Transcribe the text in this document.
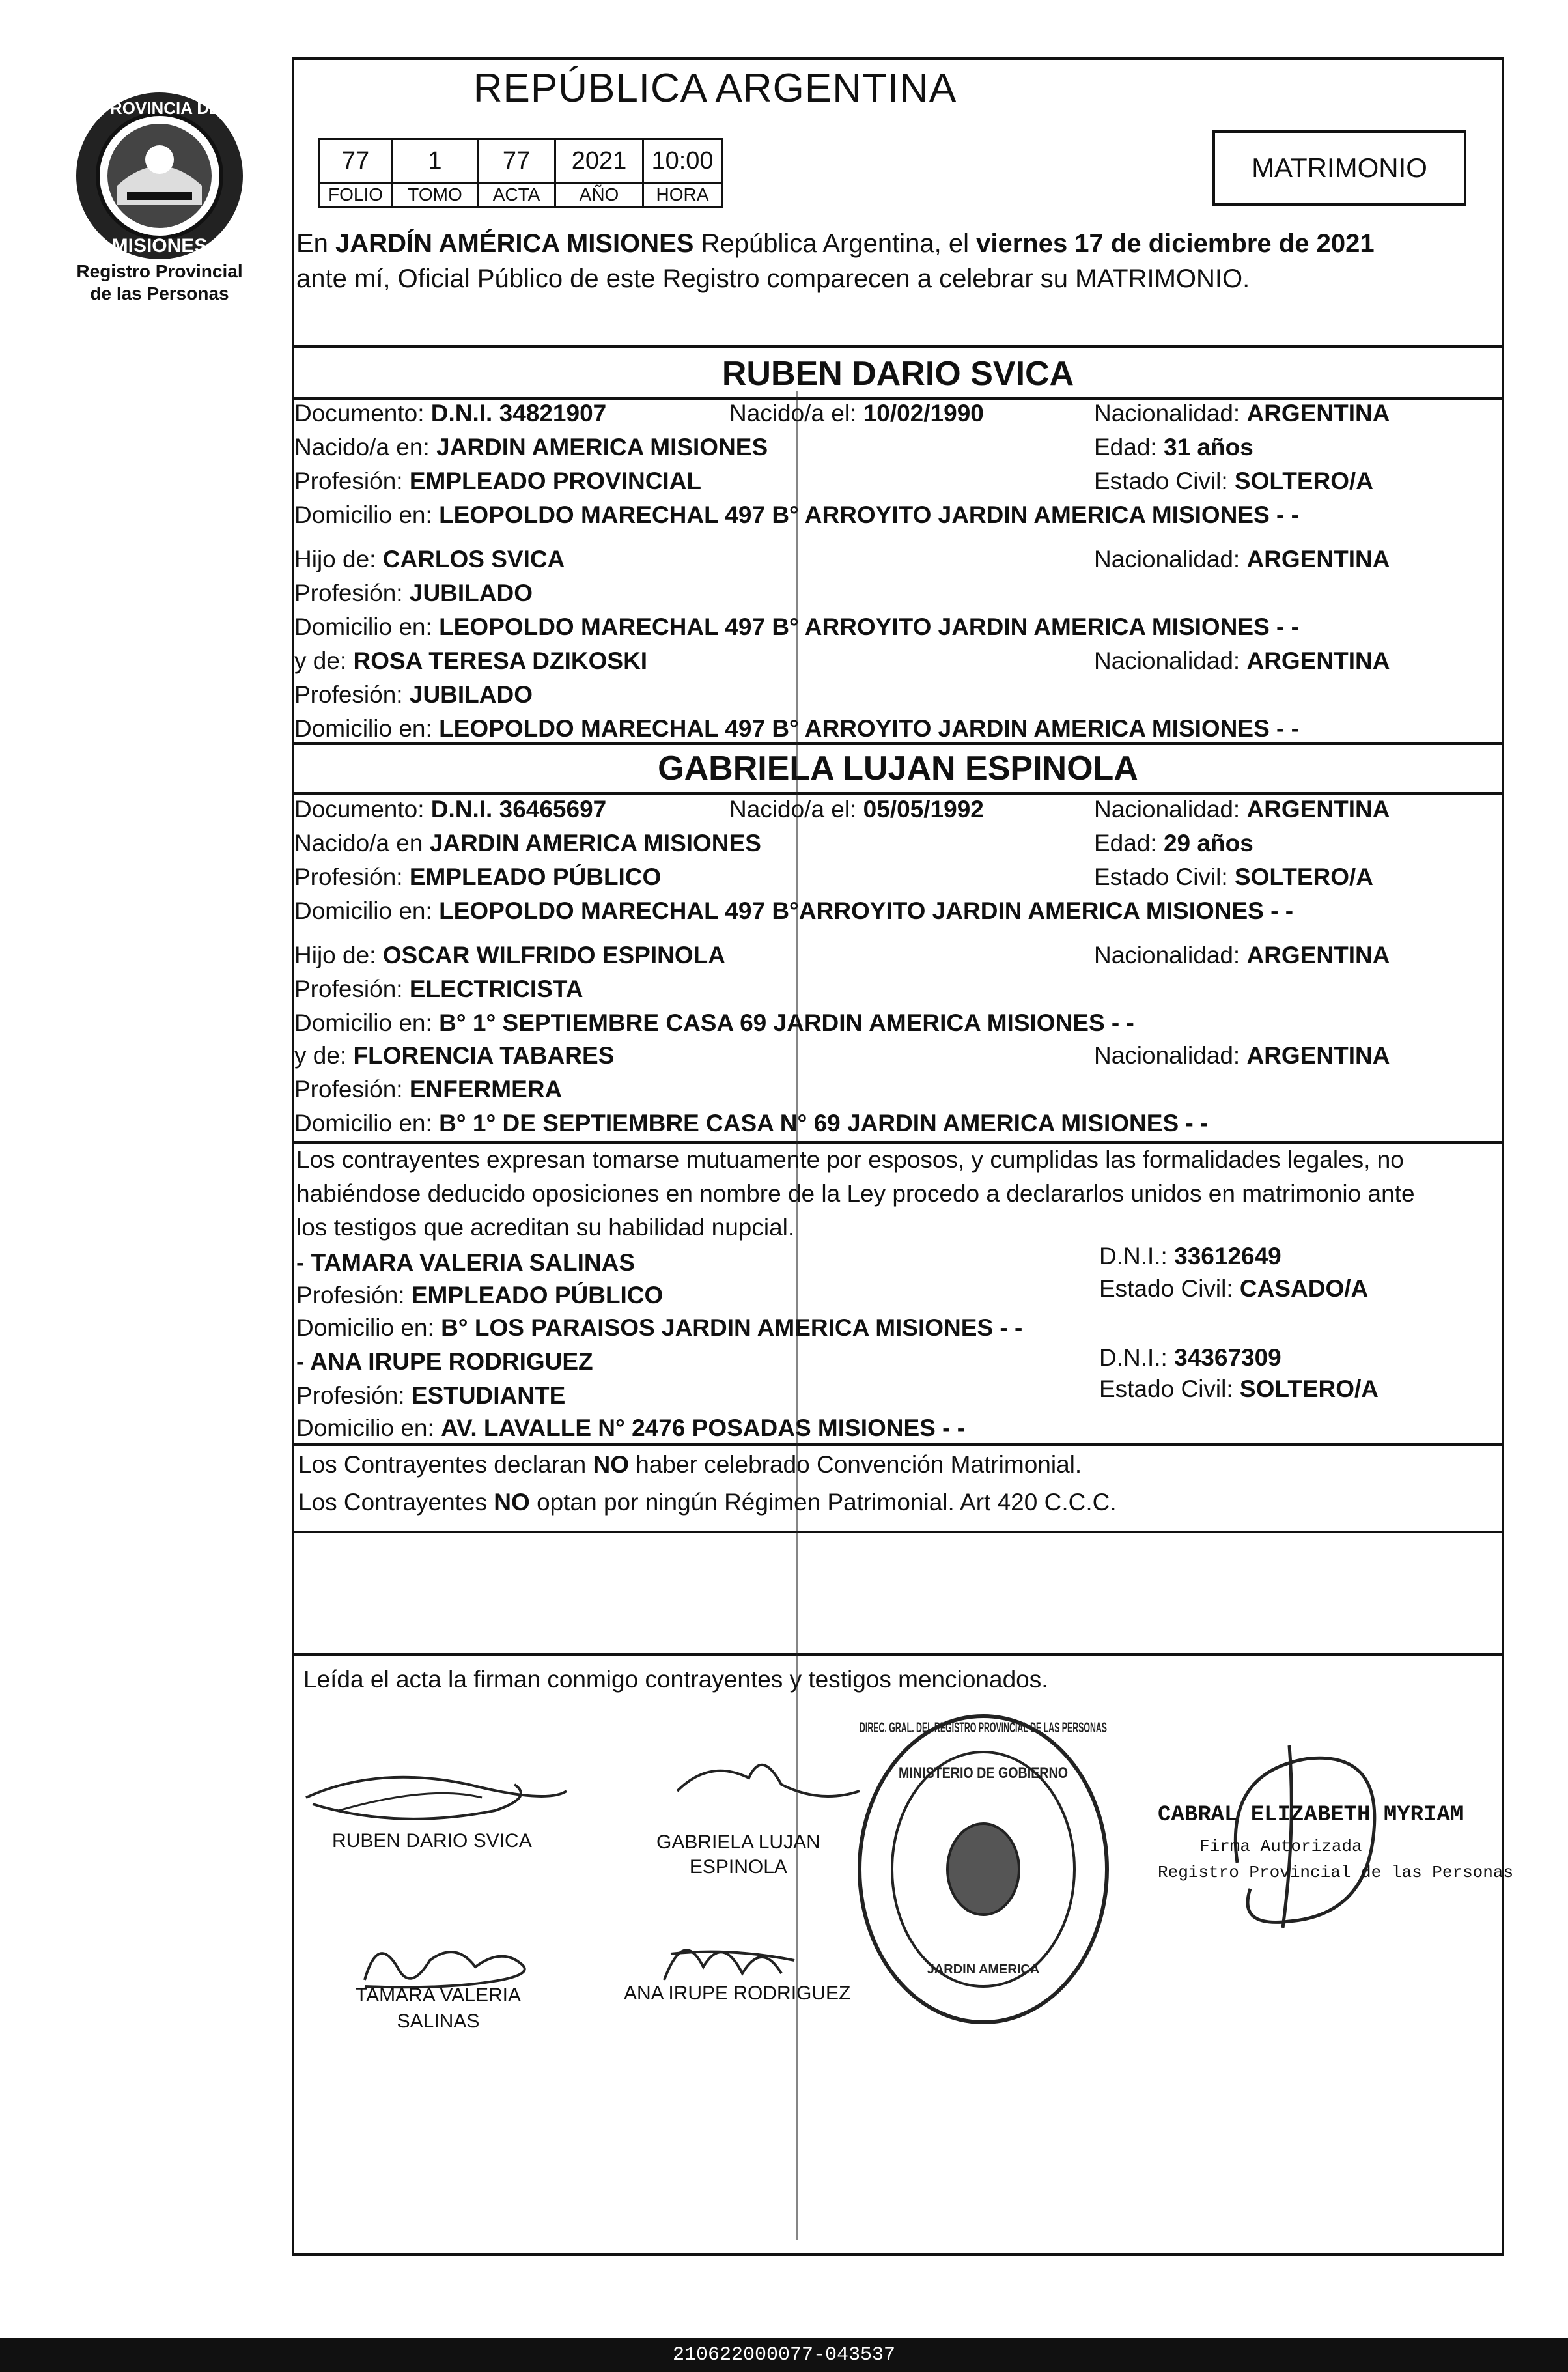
PROVINCIA DE
MISIONES
Registro Provincial
de las Personas
REPÚBLICA ARGENTINA
77	1	77	2021	10:00
FOLIO	TOMO	ACTA	AÑO	HORA
MATRIMONIO
En JARDÍN AMÉRICA MISIONES República Argentina, el viernes 17 de diciembre de 2021
ante mí, Oficial Público de este Registro comparecen a celebrar su MATRIMONIO.
RUBEN DARIO SVICA
Documento: D.N.I. 34821907	Nacido/a el: 10/02/1990	Nacionalidad: ARGENTINA
Nacido/a en: JARDIN AMERICA MISIONES	Edad: 31 años
Profesión: EMPLEADO PROVINCIAL	Estado Civil: SOLTERO/A
Domicilio en: LEOPOLDO MARECHAL 497 B° ARROYITO JARDIN AMERICA MISIONES - -
Hijo de: CARLOS SVICA	Nacionalidad: ARGENTINA
Profesión: JUBILADO
Domicilio en: LEOPOLDO MARECHAL 497 B° ARROYITO JARDIN AMERICA MISIONES - -
y de: ROSA TERESA DZIKOSKI	Nacionalidad: ARGENTINA
Profesión: JUBILADO
Domicilio en: LEOPOLDO MARECHAL 497 B° ARROYITO JARDIN AMERICA MISIONES - -
GABRIELA LUJAN ESPINOLA
Documento: D.N.I. 36465697	Nacido/a el: 05/05/1992	Nacionalidad: ARGENTINA
Nacido/a en JARDIN AMERICA MISIONES	Edad: 29 años
Profesión: EMPLEADO PÚBLICO	Estado Civil: SOLTERO/A
Domicilio en: LEOPOLDO MARECHAL 497 B°ARROYITO JARDIN AMERICA MISIONES - -
Hijo de: OSCAR WILFRIDO ESPINOLA	Nacionalidad: ARGENTINA
Profesión: ELECTRICISTA
Domicilio en: B° 1° SEPTIEMBRE CASA 69 JARDIN AMERICA MISIONES - -
y de: FLORENCIA TABARES	Nacionalidad: ARGENTINA
Profesión: ENFERMERA
Domicilio en: B° 1° DE SEPTIEMBRE CASA N° 69 JARDIN AMERICA MISIONES - -
Los contrayentes expresan tomarse mutuamente por esposos, y cumplidas las formalidades legales, no
habiéndose deducido oposiciones en nombre de la Ley procedo a declararlos unidos en matrimonio ante
los testigos que acreditan su habilidad nupcial.
- TAMARA VALERIA SALINAS	D.N.I.: 33612649
Profesión: EMPLEADO PÚBLICO	Estado Civil: CASADO/A
Domicilio en: B° LOS PARAISOS JARDIN AMERICA MISIONES - -
- ANA IRUPE RODRIGUEZ	D.N.I.: 34367309
Profesión: ESTUDIANTE	Estado Civil: SOLTERO/A
Domicilio en: AV. LAVALLE N° 2476 POSADAS MISIONES - -
Los Contrayentes declaran NO haber celebrado Convención Matrimonial.
Los Contrayentes NO optan por ningún Régimen Patrimonial. Art 420 C.C.C.
Leída el acta la firman conmigo contrayentes y testigos mencionados.
RUBEN DARIO SVICA	GABRIELA LUJAN
ESPINOLA
TAMARA VALERIA
SALINAS
ANA IRUPE RODRIGUEZ
DIREC. GRAL. DEL REGISTRO PROVINCIAL DE LAS PERSONAS
MINISTERIO DE GOBIERNO
JARDIN AMERICA
CABRAL ELIZABETH MYRIAM
Firma Autorizada
Registro Provincial de las Personas
210622000077-043537
